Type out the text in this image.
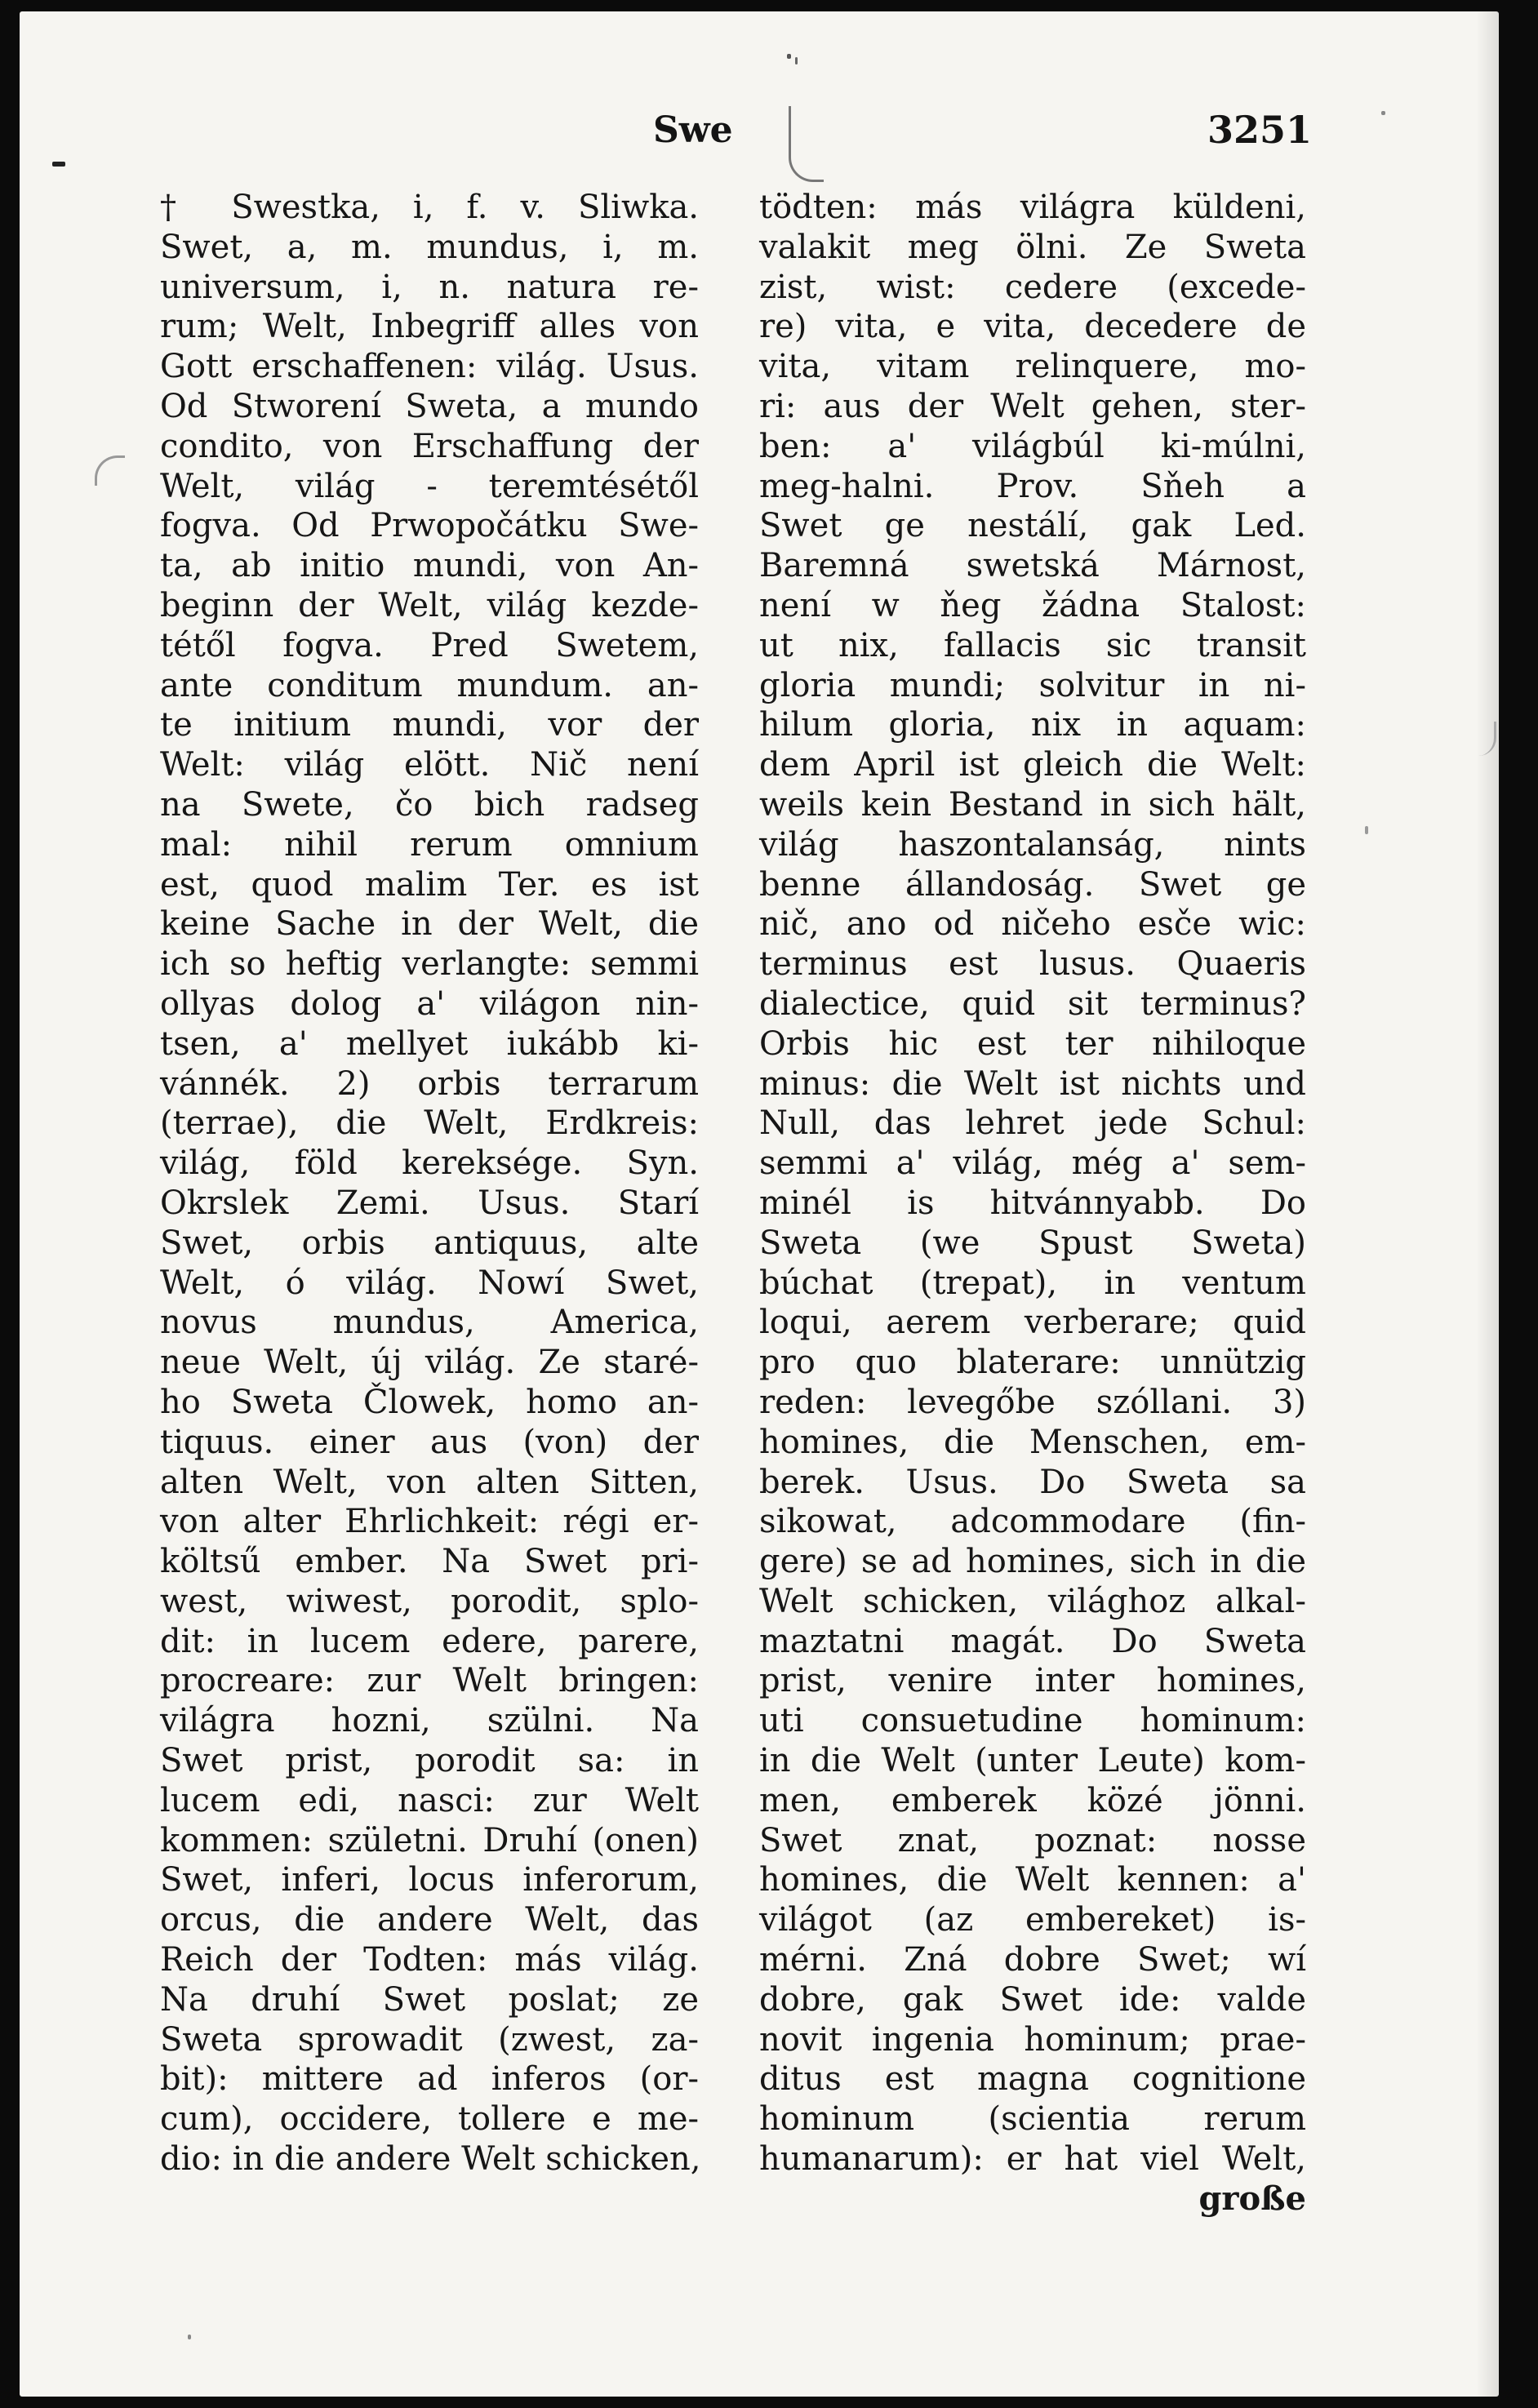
Swe	3251
† Swestka, i, f. v. Sliwka.
Swet, a, m. mundus, i, m.
universum, i, n. natura re-
rum; Welt, Inbegriff alles von
Gott erschaffenen: világ. Usus.
Od Stworení Sweta, a mundo
condito, von Erschaffung der
Welt, világ - teremtésétől
fogva. Od Prwopočátku Swe-
ta, ab initio mundi, von An-
beginn der Welt, világ kezde-
tétől fogva. Pred Swetem,
ante conditum mundum. an-
te initium mundi, vor der
Welt: világ elött. Nič není
na Swete, čo bich radseg
mal: nihil rerum omnium
est, quod malim Ter. es ist
keine Sache in der Welt, die
ich so heftig verlangte: semmi
ollyas dolog a' világon nin-
tsen, a' mellyet iukább ki-
vánnék. 2) orbis terrarum
(terrae), die Welt, Erdkreis:
világ, föld kereksége. Syn.
Okrslek Zemi. Usus. Starí
Swet, orbis antiquus, alte
Welt, ó világ. Nowí Swet,
novus mundus, America,
neue Welt, új világ. Ze staré-
ho Sweta Člowek, homo an-
tiquus. einer aus (von) der
alten Welt, von alten Sitten,
von alter Ehrlichkeit: régi er-
költsű ember. Na Swet pri-
west, wiwest, porodit, splo-
dit: in lucem edere, parere,
procreare: zur Welt bringen:
világra hozni, szülni. Na
Swet prist, porodit sa: in
lucem edi, nasci: zur Welt
kommen: születni. Druhí (onen)
Swet, inferi, locus inferorum,
orcus, die andere Welt, das
Reich der Todten: más világ.
Na druhí Swet poslat; ze
Sweta sprowadit (zwest, za-
bit): mittere ad inferos (or-
cum), occidere, tollere e me-
dio: in die andere Welt schicken,
tödten: más világra küldeni,
valakit meg ölni. Ze Sweta
zist, wist: cedere (excede-
re) vita, e vita, decedere de
vita, vitam relinquere, mo-
ri: aus der Welt gehen, ster-
ben: a' világbúl ki-múlni,
meg-halni. Prov. Sňeh a
Swet ge nestálí, gak Led.
Baremná swetská Márnost,
není w ňeg žádna Stalost:
ut nix, fallacis sic transit
gloria mundi; solvitur in ni-
hilum gloria, nix in aquam:
dem April ist gleich die Welt:
weils kein Bestand in sich hält,
világ haszontalanság, nints
benne állandoság. Swet ge
nič, ano od ničeho esče wic:
terminus est lusus. Quaeris
dialectice, quid sit terminus?
Orbis hic est ter nihiloque
minus: die Welt ist nichts und
Null, das lehret jede Schul:
semmi a' világ, még a' sem-
minél is hitvánnyabb. Do
Sweta (we Spust Sweta)
búchat (trepat), in ventum
loqui, aerem verberare; quid
pro quo blaterare: unnützig
reden: levegőbe szóllani. 3)
homines, die Menschen, em-
berek. Usus. Do Sweta sa
sikowat, adcommodare (fin-
gere) se ad homines, sich in die
Welt schicken, világhoz alkal-
maztatni magát. Do Sweta
prist, venire inter homines,
uti consuetudine hominum:
in die Welt (unter Leute) kom-
men, emberek közé jönni.
Swet znat, poznat: nosse
homines, die Welt kennen: a'
világot (az embereket) is-
mérni. Zná dobre Swet; wí
dobre, gak Swet ide: valde
novit ingenia hominum; prae-
ditus est magna cognitione
hominum (scientia rerum
humanarum): er hat viel Welt,
große
